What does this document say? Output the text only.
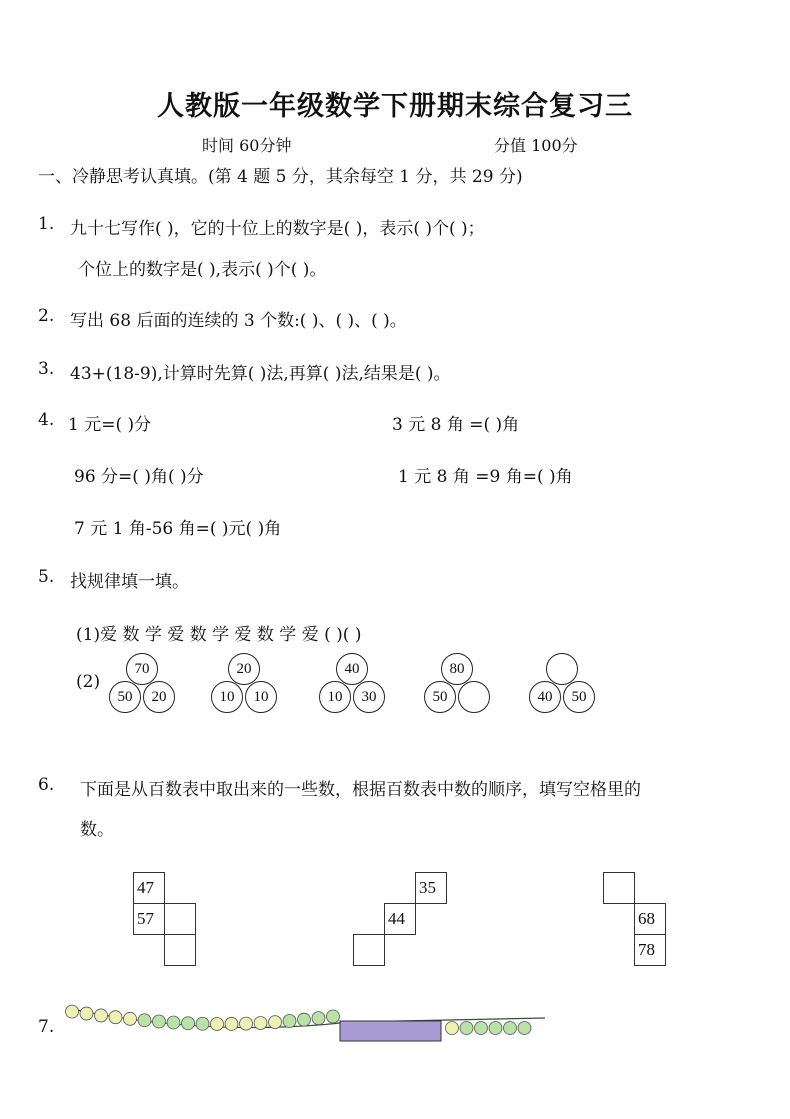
人教版一年级数学下册期末综合复习三
时间 60分钟	分值 100分
一、冷静思考认真填。(第 4 题 5 分，其余每空 1 分，共 29 分)
1. 九十七写作( )，它的十位上的数字是( )，表示( )个( )；
个位上的数字是( ),表示( )个( )。
2. 写出 68 后面的连续的 3 个数:( )、( )、( )。
3. 43+(18-9),计算时先算( )法,再算( )法,结果是( )。
4. 1 元=( )分	3 元 8 角 =( )角
96 分=( )角( )分	1 元 8 角 =9 角=( )角
7 元 1 角-56 角=( )元( )角
5. 找规律填一填。
(1)爱 数 学 爱 数 学 爱 数 学 爱 ( )( )
(2)
70
50	20
20
10	10
40
10	30
80
50	40	50
6. 下面是从百数表中取出来的一些数，根据百数表中数的顺序，填写空格里的
数。
47
57
35
44	68
78
7.
